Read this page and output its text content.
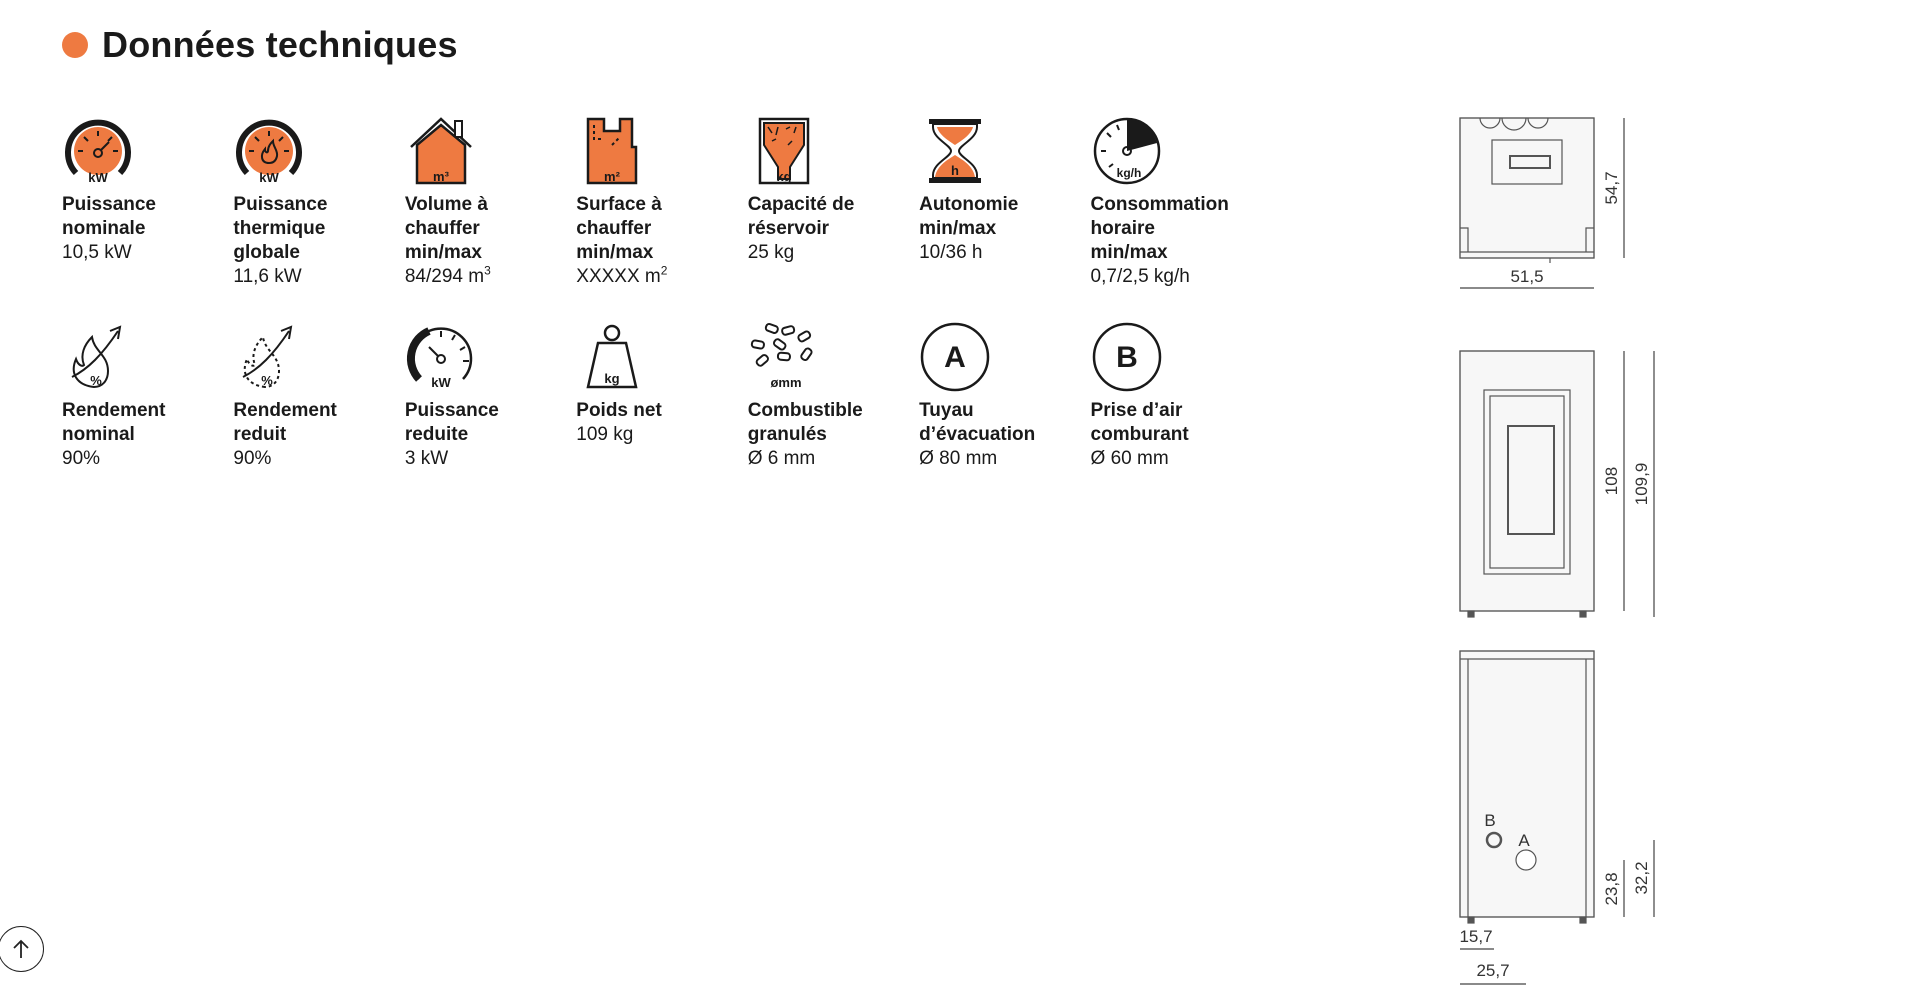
Données techniques
kW
Puissance
nominale
10,5 kW
kW
Puissance
thermique
globale
11,6 kW
m³
Volume à
chauffer
min/max
84/294 $m^3$
m²
Surface à
chauffer
min/max
XXXXX $m^2$
kg
Capacité de
réservoir
25 kg
h
Autonomie
min/max
10/36 h
kg/h
Consommation
horaire
min/max
0,7/2,5 kg/h
%
Rendement
nominal
90%
%
Rendement
reduit
90%
kW
Puissance
reduite
3 kW
kg
Poids net
109 kg
ømm
Combustible
granulés
Ø 6 mm
A
Tuyau
d’évacuation
Ø 80 mm
B
Prise d’air
comburant
Ø 60 mm
51,5
54,7
108 109,9
B
A
23,8 32,2
15,7
25,7
